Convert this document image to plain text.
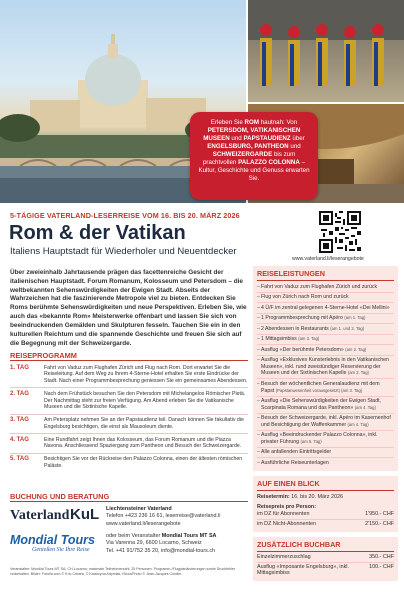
Erleben Sie ROM hautnah: Von PETERSDOM, VATIKANISCHEN MUSEEN und PAPSTAUDIENZ über ENGELSBURG, PANTHEON und SCHWEIZERGARDE bis zum prachtvollen PALAZZO COLONNA – Kultur, Geschichte und Genuss erwarten Sie.
5-TÄGIGE VATERLAND-LESERREISE VOM 16. BIS 20. MÄRZ 2026
Rom & der Vatikan
Italiens Hauptstadt für Wiederholer und Neuentdecker
www.vaterland.li/leserangebote
Über zweieinhalb Jahrtausende prägen das facettenreiche Gesicht der italienischen Hauptstadt. Forum Romanum, Kolosseum und Petersdom – die weltbekannten Sehenswürdigkeiten der Ewigen Stadt. Abseits der Wahrzeichen hat die faszinierende Metropole viel zu bieten. Entdecken Sie Roms berühmte Sehenswürdigkeiten und neue Perspektiven. Erleben Sie, wie auch das «bekannte Rom» Meisterwerke offenbart und lassen Sie sich von beeindruckenden Gemälden und Skulpturen fesseln. Tauchen Sie ein in den kulturellen Reichtum und die spannende Geschichte und freuen Sie sich auf die Begegnung mit der Schweizergarde.
REISEPROGRAMM
1. TAG	Fahrt von Vaduz zum Flughafen Zürich und Flug nach Rom. Dort erwartet Sie die Reiseleitung. Auf dem Weg zu Ihrem 4-Sterne-Hotel erhalten Sie erste Eindrücke der Stadt. Nach einer Programmbesprechung geniessen Sie ein gemeinsames Abendessen.
2. TAG	Nach dem Frühstück besuchen Sie den Petersdom mit Michelangelos Römischer Pietà. Der Nachmittag steht zur freien Verfügung. Am Abend erleben Sie die Vatikanische Museen und die Sixtinische Kapelle.
3. TAG	Am Petersplatz nehmen Sie an der Papstaudienz teil. Danach können Sie fakultativ die Engelsburg besichtigen, die einst als Mausoleum diente.
4. TAG	Eine Rundfahrt zeigt Ihnen das Kolosseum, das Forum Romanum und die Piazza Navona. Anschliessend Spaziergang zum Pantheon und Besuch der Schweizergarde.
5. TAG	Besichtigen Sie vor der Rückreise den Palazzo Colonna, einen der ältesten römischen Paläste.
BUCHUNG UND BERATUNG
Vaterland KuL
Mondial Tours
Genießen Sie Ihre Reise
Liechtensteiner Vaterland
Telefon +423 236 16 61, leserreise@vaterland.li
www.vaterland.li/leserangebote
oder beim Veranstalter Mondial Tours MT SA
Via Varenna 29, 6600 Locarno, Schweiz
Tel. +41 91/752 35 20, info@mondial-tours.ch
Veranstalter: Mondial Tours MT SA, CH-Locarno; maximale Teilnehmerzahl: 25 Personen. Programm-/Flugplanänderungen sowie Druckfehler vorbehalten. Bilder: Fotolia.com © Eric Cristea, © Katarzyna Artymiak, iStockPhoto © Jean-Jacques Cordier.
REISELEISTUNGEN
– Fahrt von Vaduz zum Flughafen Zürich und zurück
– Flug von Zürich nach Rom und zurück
– 4 Ü/F im zentral gelegenen 4-Sterne-Hotel «Dei Mellini»
– 1 Programmbesprechung mit Apéro (am 1. Tag)
– 2 Abendessen in Restaurants (am 1. und 2. Tag)
– 1 Mittagsimbiss (am 3. Tag)
– Ausflug «Der berühmte Petersdom» (am 2. Tag)
– Ausflug «Exklusives Kunsterlebnis in den Vatikanischen Museen», inkl. rund zweistündiger Reservierung der Museen und der Sixtinischen Kapelle (am 2. Tag)
– Besuch der wöchentlichen Generalaudienz mit dem Papst (Papstanwesenheit vorausgesetzt) (am 3. Tag)
– Ausflug «Die Sehenswürdigkeiten der Ewigen Stadt, Scarpinata Romana und das Pantheon» (am 4. Tag)
– Besuch der Schweizergarde, inkl. Apéro im Kasernenhof und Besichtigung der Waffenkammer (am 4. Tag)
– Ausflug «Beeindruckender Palazzo Colonna», inkl. privater Führung (am 5. Tag)
– Alle anfallenden Eintrittsgelder
– Ausführliche Reiseunterlagen
AUF EINEN BLICK
Reisetermin: 16. bis 20. März 2026
Reisepreis pro Person:
im DZ für Abonnenten	1'950.- CHF
im DZ Nicht-Abonnenten	2'150.- CHF
ZUSÄTZLICH BUCHBAR
Einzelzimmerzuschlag	350.- CHF
Ausflug «Imposante Engelsburg», inkl. Mittagsimbiss
100.- CHF
